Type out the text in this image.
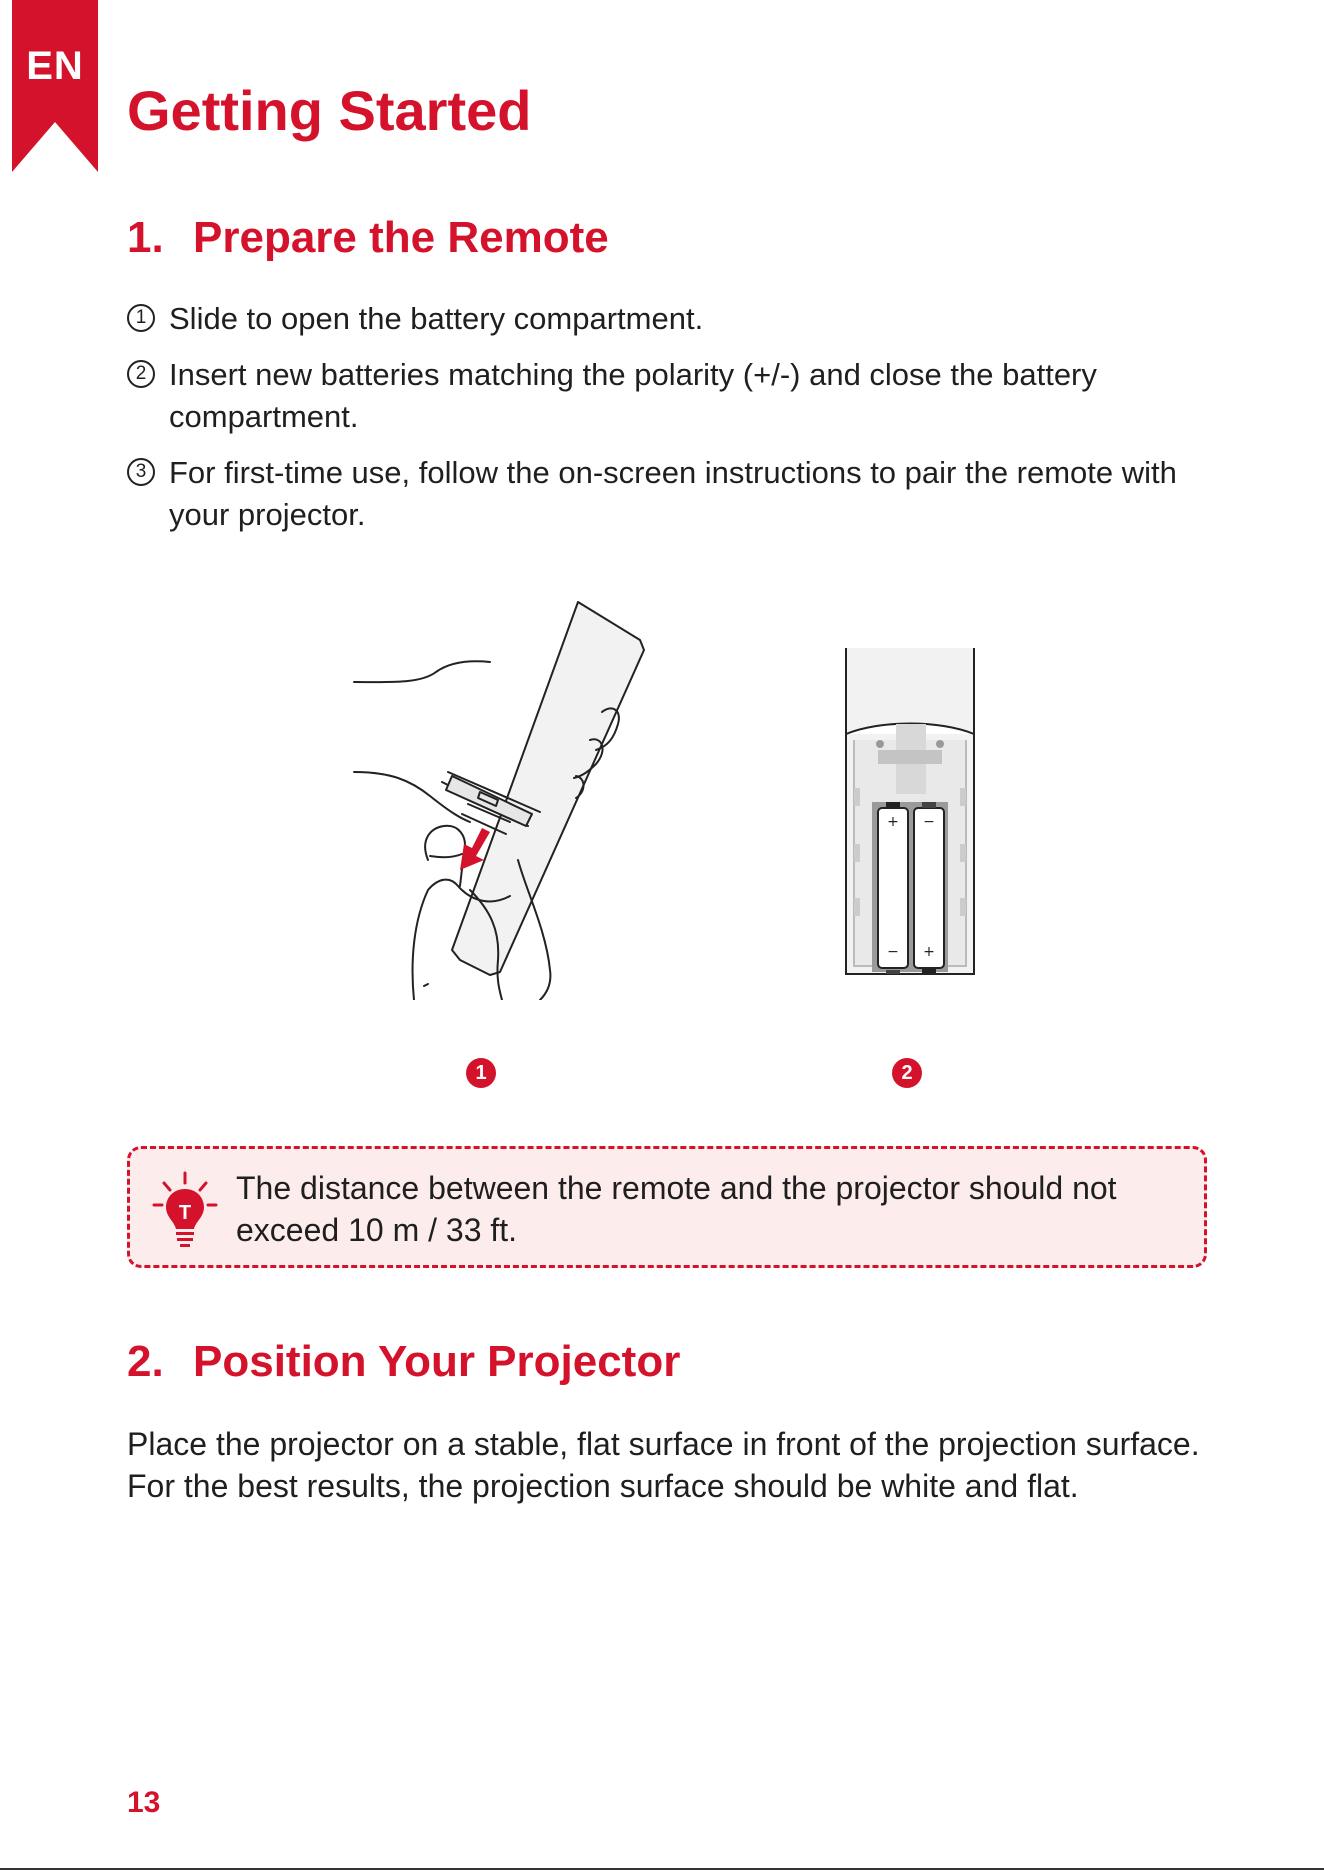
EN
Getting Started
1. Prepare the Remote
1 Slide to open the battery compartment.
2 Insert new batteries matching the polarity (+/-) and close the battery compartment.
3 For first-time use, follow the on-screen instructions to pair the remote with your projector.
1
+ −
− +
2
T
The distance between the remote and the projector should not exceed 10 m / 33 ft.
2. Position Your Projector

Place the projector on a stable, flat surface in front of the projection surface. For the best results, the projection surface should be white and flat.

13
